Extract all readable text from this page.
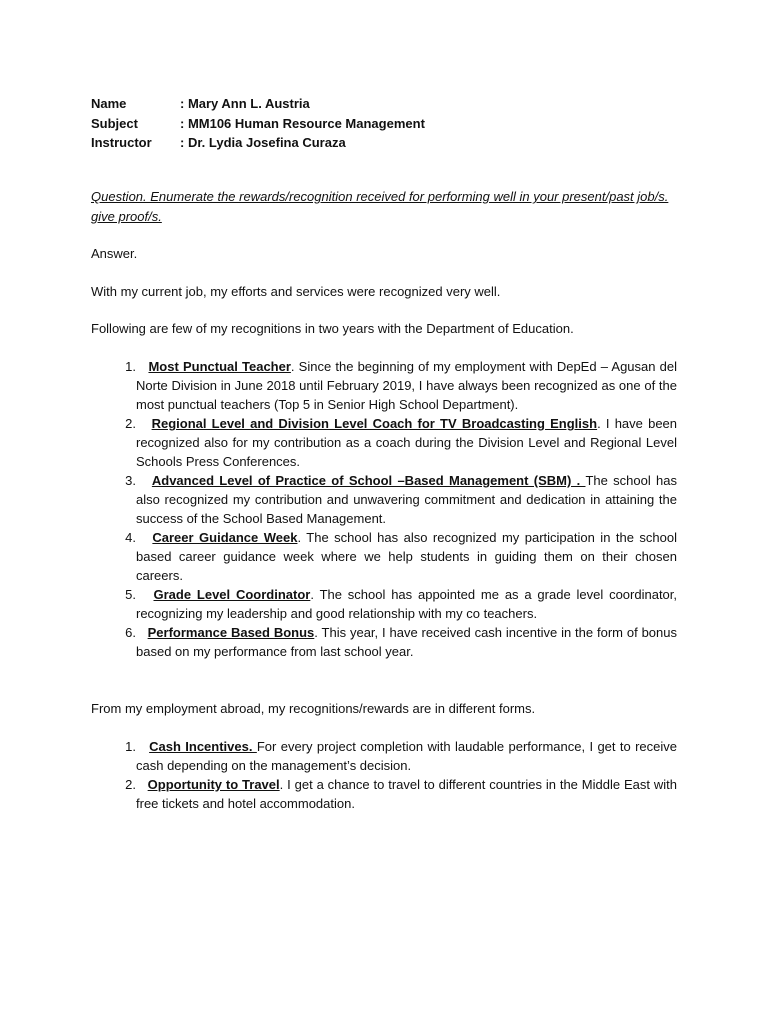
Name	: Mary Ann L. Austria
Subject	: MM106 Human Resource Management
Instructor	: Dr. Lydia Josefina Curaza
Question. Enumerate the rewards/recognition received for performing well in your present/past job/s. give proof/s.
Answer.
With my current job, my efforts and services were recognized very well.
Following are few of my recognitions in two years with the Department of Education.
1. Most Punctual Teacher. Since the beginning of my employment with DepEd – Agusan del Norte Division in June 2018 until February 2019, I have always been recognized as one of the most punctual teachers (Top 5 in Senior High School Department).
2.	Regional Level and Division Level Coach for TV Broadcasting English. I have been recognized also for my contribution as a coach during the Division Level and Regional Level Schools Press Conferences.
3.	Advanced Level of Practice of School –Based Management (SBM) . The school has also recognized my contribution and unwavering commitment and dedication in attaining the success of the School Based Management.
4.	Career Guidance Week. The school has also recognized my participation in the school based career guidance week where we help students in guiding them on their chosen careers.
5.	Grade Level Coordinator. The school has appointed me as a grade level coordinator, recognizing my leadership and good relationship with my co teachers.
6. Performance Based Bonus. This year, I have received cash incentive in the form of bonus based on my performance from last school year.
From my employment abroad, my recognitions/rewards are in different forms.
1.	Cash Incentives. For every project completion with laudable performance, I get to receive cash depending on the management’s decision.
2. Opportunity to Travel. I get a chance to travel to different countries in the Middle East with free tickets and hotel accommodation.
